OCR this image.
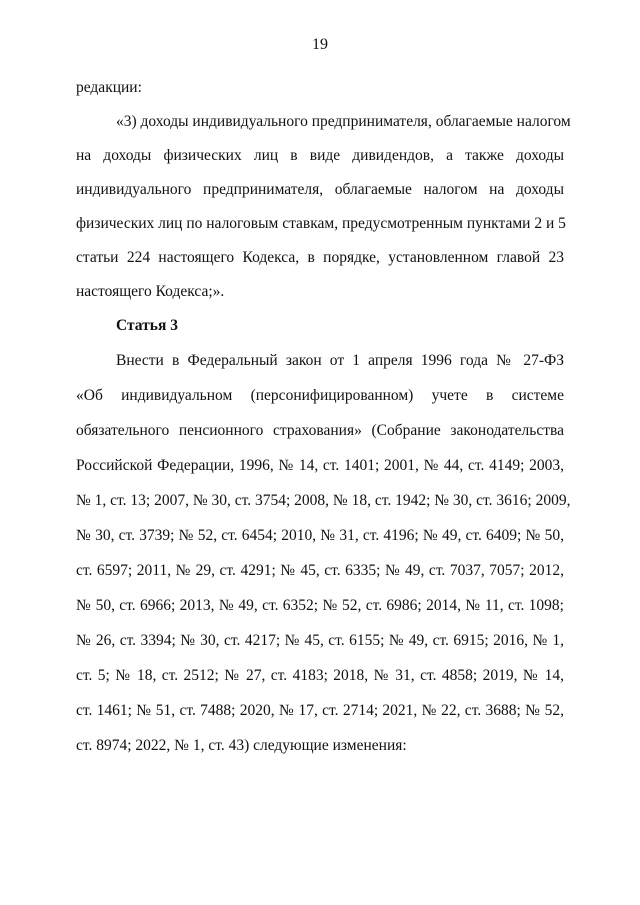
19
редакции:
«3) доходы индивидуального предпринимателя, облагаемые налогом
на доходы физических лиц в виде дивидендов, а также доходы
индивидуального предпринимателя, облагаемые налогом на доходы
физических лиц по налоговым ставкам, предусмотренным пунктами 2 и 5
статьи 224 настоящего Кодекса, в порядке, установленном главой 23
настоящего Кодекса;».
Статья 3
Внести в Федеральный закон от 1 апреля 1996 года № 27-ФЗ
«Об индивидуальном (персонифицированном) учете в системе
обязательного пенсионного страхования» (Собрание законодательства
Российской Федерации, 1996, № 14, ст. 1401; 2001, № 44, ст. 4149; 2003,
№ 1, ст. 13; 2007, № 30, ст. 3754; 2008, № 18, ст. 1942; № 30, ст. 3616; 2009,
№ 30, ст. 3739; № 52, ст. 6454; 2010, № 31, ст. 4196; № 49, ст. 6409; № 50,
ст. 6597; 2011, № 29, ст. 4291; № 45, ст. 6335; № 49, ст. 7037, 7057; 2012,
№ 50, ст. 6966; 2013, № 49, ст. 6352; № 52, ст. 6986; 2014, № 11, ст. 1098;
№ 26, ст. 3394; № 30, ст. 4217; № 45, ст. 6155; № 49, ст. 6915; 2016, № 1,
ст. 5; № 18, ст. 2512; № 27, ст. 4183; 2018, № 31, ст. 4858; 2019, № 14,
ст. 1461; № 51, ст. 7488; 2020, № 17, ст. 2714; 2021, № 22, ст. 3688; № 52,
ст. 8974; 2022, № 1, ст. 43) следующие изменения:
